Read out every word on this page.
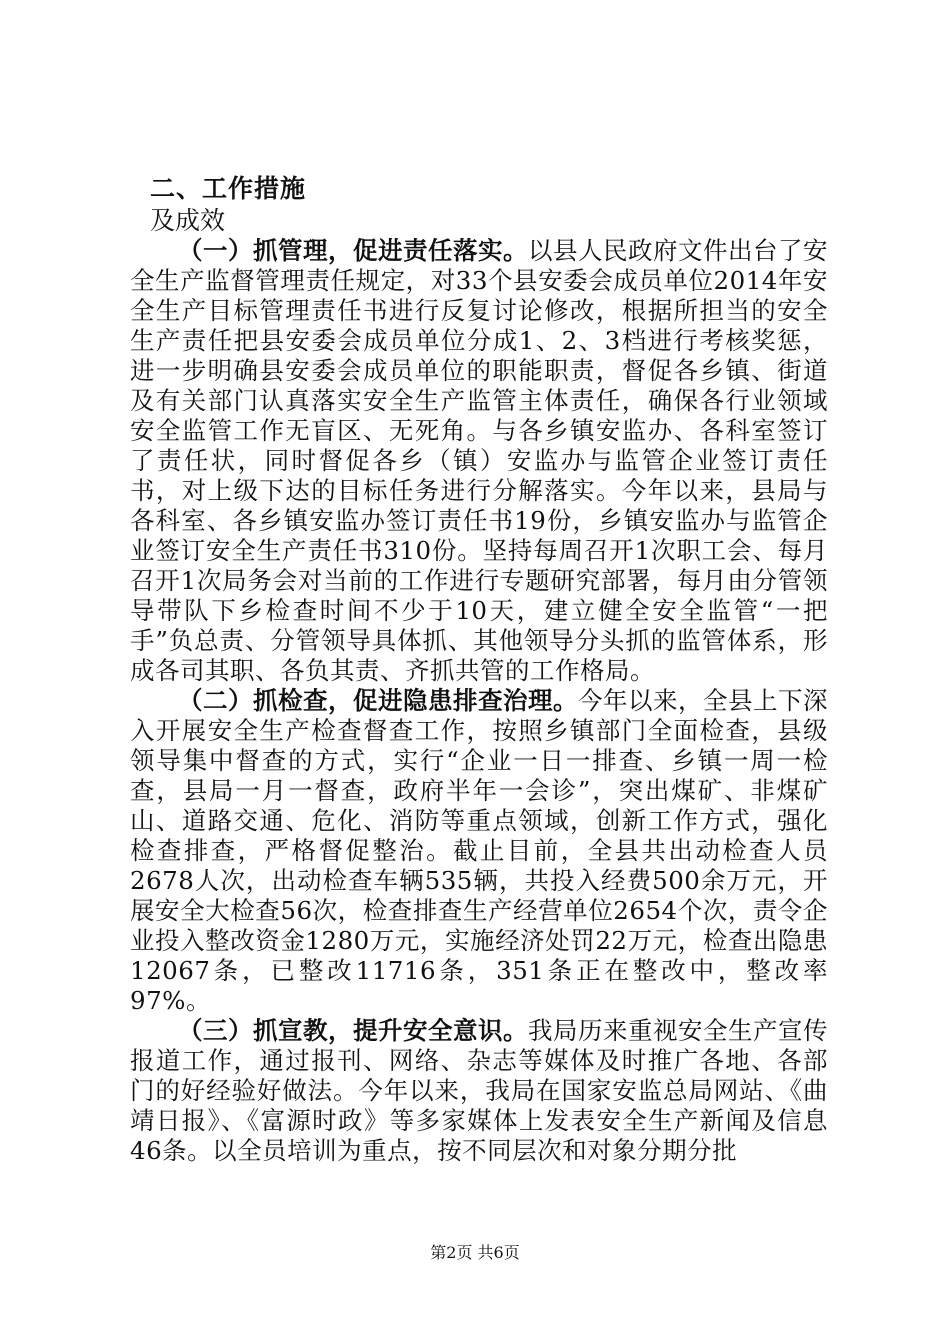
二、工作措施

及成效

（一）抓管理，促进责任落实。以县人民政府文件出台了安全生产监督管理责任规定，对33个县安委会成员单位2014年安全生产目标管理责任书进行反复讨论修改，根据所担当的安全生产责任把县安委会成员单位分成1、2、3档进行考核奖惩，进一步明确县安委会成员单位的职能职责，督促各乡镇、街道及有关部门认真落实安全生产监管主体责任，确保各行业领域安全监管工作无盲区、无死角。与各乡镇安监办、各科室签订了责任状，同时督促各乡（镇）安监办与监管企业签订责任书，对上级下达的目标任务进行分解落实。今年以来，县局与各科室、各乡镇安监办签订责任书19份，乡镇安监办与监管企业签订安全生产责任书310份。坚持每周召开1次职工会、每月召开1次局务会对当前的工作进行专题研究部署，每月由分管领导带队下乡检查时间不少于10天，建立健全安全监管“一把手”负总责、分管领导具体抓、其他领导分头抓的监管体系，形成各司其职、各负其责、齐抓共管的工作格局。

（二）抓检查，促进隐患排查治理。今年以来，全县上下深入开展安全生产检查督查工作，按照乡镇部门全面检查，县级领导集中督查的方式，实行“企业一日一排查、乡镇一周一检查，县局一月一督查，政府半年一会诊”，突出煤矿、非煤矿山、道路交通、危化、消防等重点领域，创新工作方式，强化检查排查，严格督促整治。截止目前，全县共出动检查人员2678人次，出动检查车辆535辆，共投入经费500余万元，开展安全大检查56次，检查排查生产经营单位2654个次，责令企业投入整改资金1280万元，实施经济处罚22万元，检查出隐患12067条，已整改11716条，351条正在整改中，整改率97%。

（三）抓宣教，提升安全意识。我局历来重视安全生产宣传报道工作，通过报刊、网络、杂志等媒体及时推广各地、各部门的好经验好做法。今年以来，我局在国家安监总局网站、《曲靖日报》、《富源时政》等多家媒体上发表安全生产新闻及信息46条。以全员培训为重点，按不同层次和对象分期分批

第2页 共6页
